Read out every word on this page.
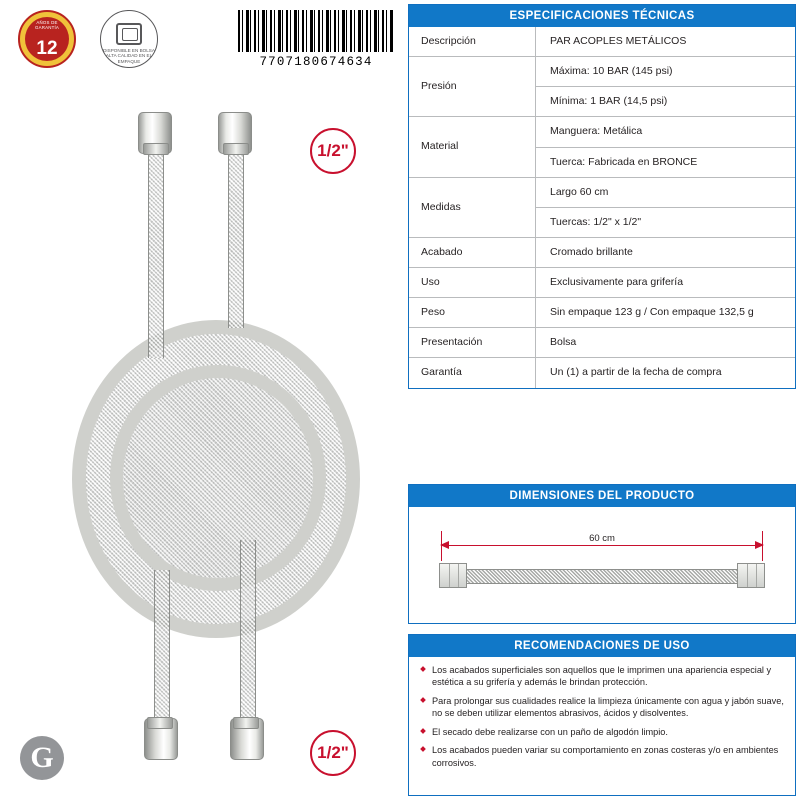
AÑOS DE GARANTÍA
12	DISPONIBLE EN BOLSA ALTA CALIDAD EN EL EMPAQUE	7707180674634
1/2"
1/2"
G
ESPECIFICACIONES TÉCNICAS
Descripción	PAR ACOPLES METÁLICOS
Presión	Máxima: 10 BAR (145 psi)
	Mínima: 1 BAR (14,5 psi)
Material	Manguera: Metálica
	Tuerca: Fabricada en BRONCE
Medidas	Largo 60 cm
	Tuercas: 1/2" x 1/2"
Acabado	Cromado brillante
Uso	Exclusivamente para grifería
Peso	Sin empaque 123 g / Con empaque 132,5 g
Presentación	Bolsa
Garantía	Un (1) a partir de la fecha de compra
DIMENSIONES DEL PRODUCTO
60 cm
RECOMENDACIONES DE USO
Los acabados superficiales son aquellos que le imprimen una apariencia especial y estética a su grifería y además le brindan protección.
Para prolongar sus cualidades realice la limpieza únicamente con agua y jabón suave, no se deben utilizar elementos abrasivos, ácidos y disolventes.
El secado debe realizarse con un paño de algodón limpio.
Los acabados pueden variar su comportamiento en zonas costeras y/o en ambientes corrosivos.
